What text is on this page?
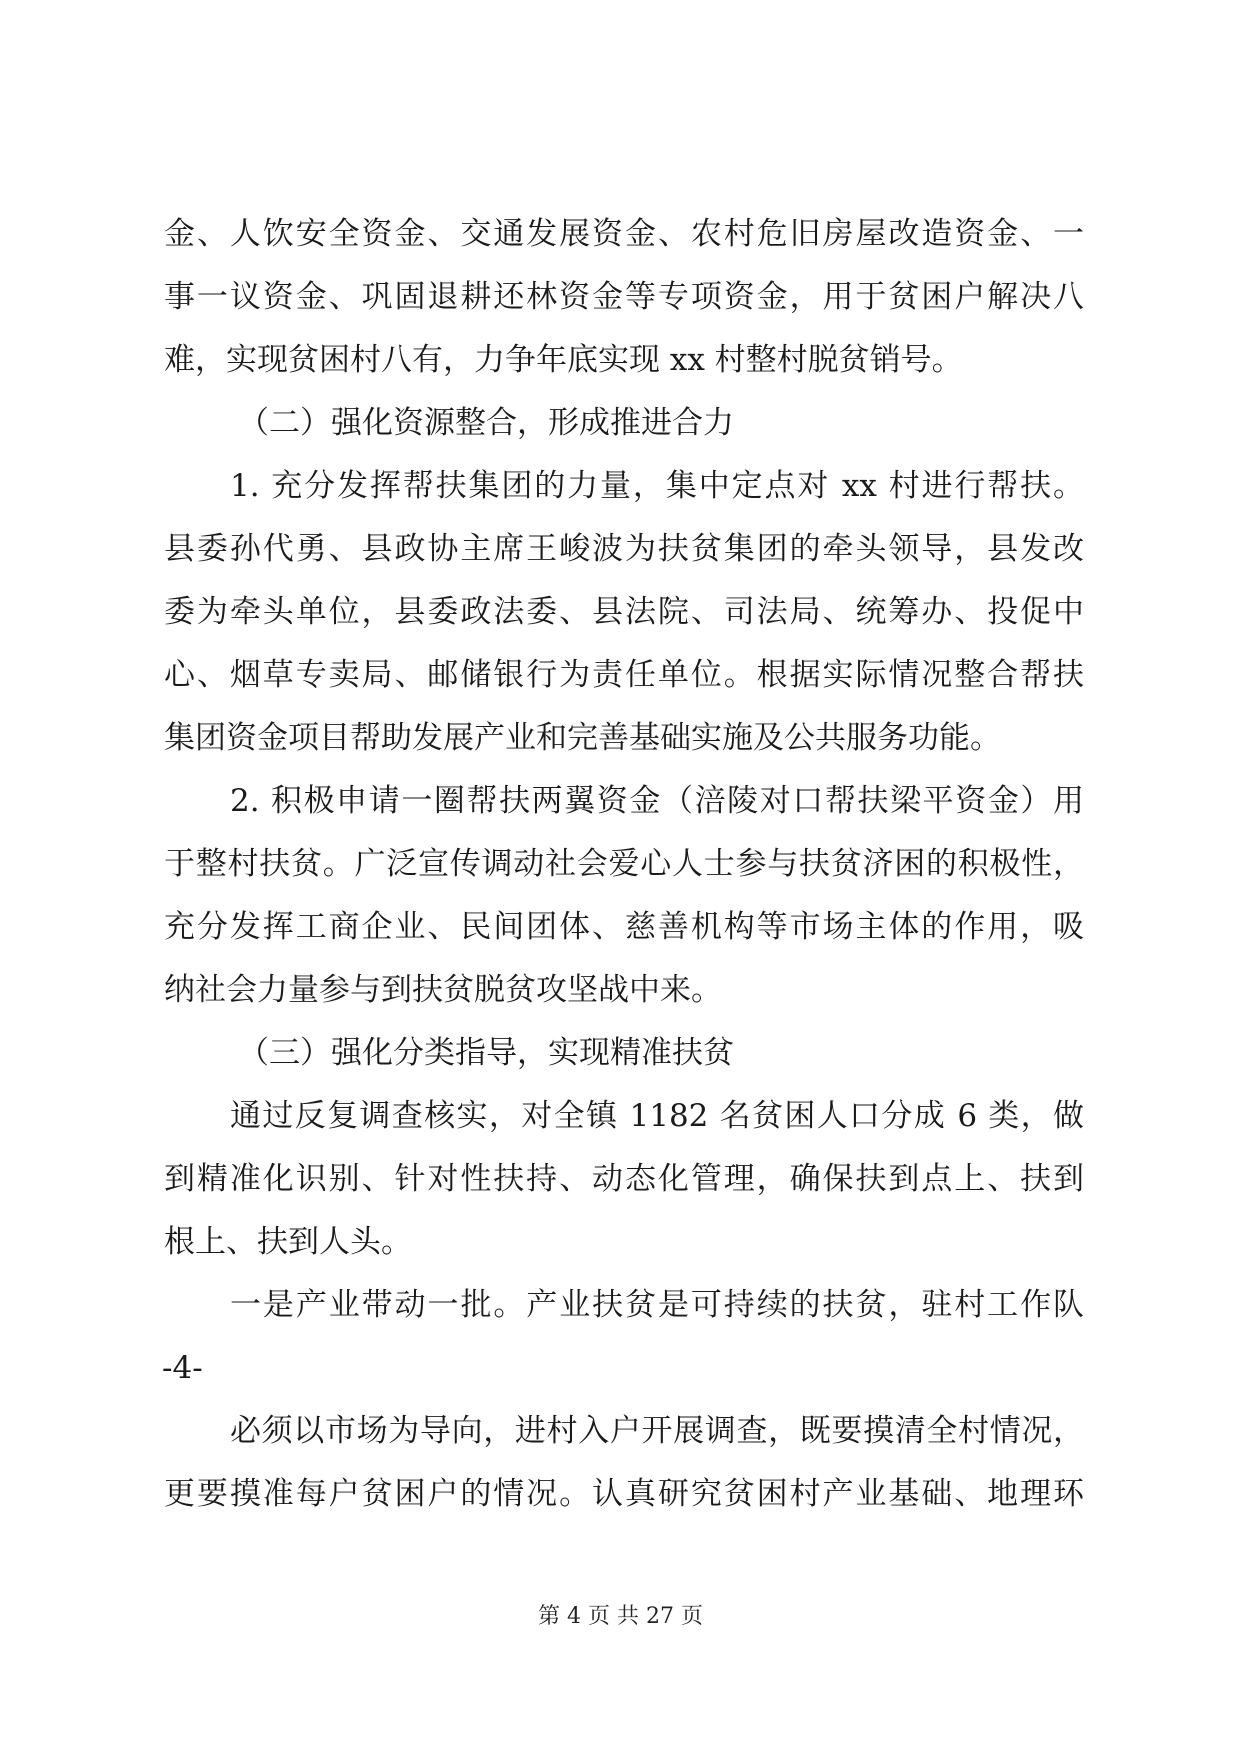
金、人饮安全资金、交通发展资金、农村危旧房屋改造资金、一
事一议资金、巩固退耕还林资金等专项资金，用于贫困户解决八
难，实现贫困村八有，力争年底实现 xx 村整村脱贫销号。
（二）强化资源整合，形成推进合力
1. 充分发挥帮扶集团的力量，集中定点对 xx 村进行帮扶。
县委孙代勇、县政协主席王峻波为扶贫集团的牵头领导，县发改
委为牵头单位，县委政法委、县法院、司法局、统筹办、投促中
心、烟草专卖局、邮储银行为责任单位。根据实际情况整合帮扶
集团资金项目帮助发展产业和完善基础实施及公共服务功能。
2. 积极申请一圈帮扶两翼资金（涪陵对口帮扶梁平资金）用
于整村扶贫。广泛宣传调动社会爱心人士参与扶贫济困的积极性，
充分发挥工商企业、民间团体、慈善机构等市场主体的作用，吸
纳社会力量参与到扶贫脱贫攻坚战中来。
（三）强化分类指导，实现精准扶贫
通过反复调查核实，对全镇 1182 名贫困人口分成 6 类，做
到精准化识别、针对性扶持、动态化管理，确保扶到点上、扶到
根上、扶到人头。
一是产业带动一批。产业扶贫是可持续的扶贫，驻村工作队
-4-
必须以市场为导向，进村入户开展调查，既要摸清全村情况，
更要摸准每户贫困户的情况。认真研究贫困村产业基础、地理环
第 4 页 共 27 页
